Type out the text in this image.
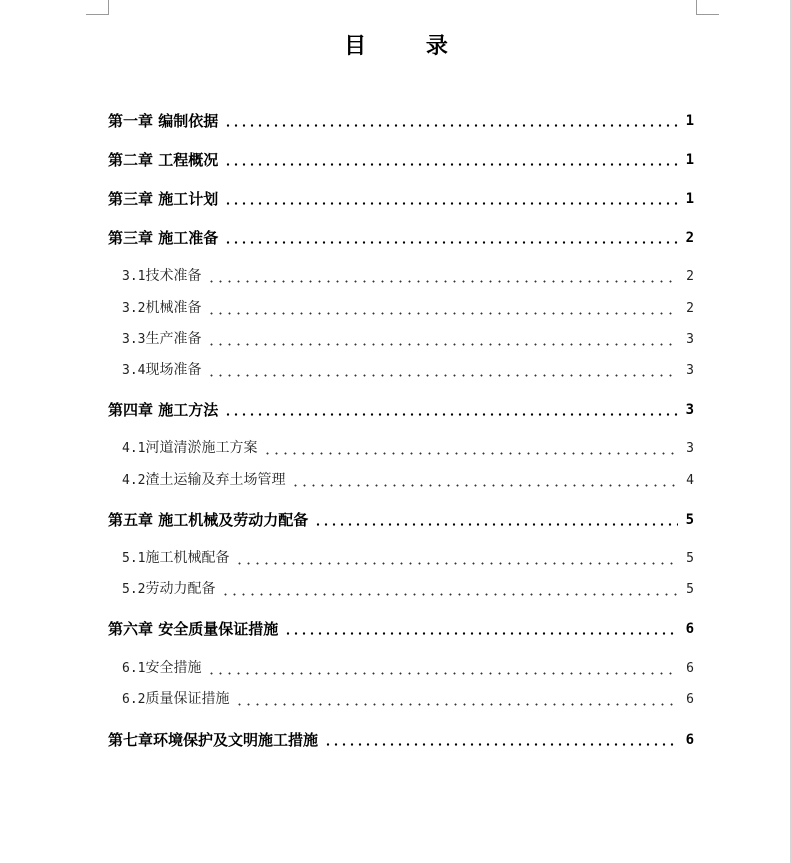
目 录
第一章 编制依据	1
第二章 工程概况	1
第三章 施工计划	1
第三章 施工准备	2
3.1技术准备	2
3.2机械准备	2
3.3生产准备	3
3.4现场准备	3
第四章 施工方法	3
4.1河道清淤施工方案	3
4.2渣土运输及弃土场管理	4
第五章 施工机械及劳动力配备	5
5.1施工机械配备	5
5.2劳动力配备	5
第六章 安全质量保证措施	6
6.1安全措施	6
6.2质量保证措施	6
第七章环境保护及文明施工措施	6
